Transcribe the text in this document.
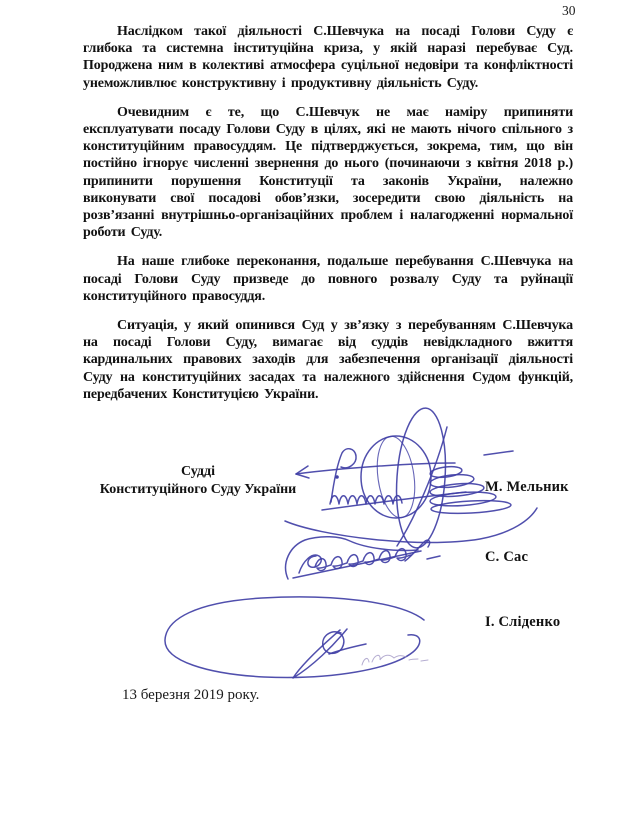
30

Наслідком такої діяльності С.Шевчука на посаді Голови Суду є глибока та системна інституційна криза, у якій наразі перебуває Суд. Породжена ним в колективі атмосфера суцільної недовіри та конфліктності унеможливлює конструктивну і продуктивну діяльність Суду.

Очевидним є те, що С.Шевчук не має наміру припиняти експлуатувати посаду Голови Суду в цілях, які не мають нічого спільного з конституційним правосуддям. Це підтверджується, зокрема, тим, що він постійно ігнорує численні звернення до нього (починаючи з квітня 2018 р.) припинити порушення Конституції та законів України, належно виконувати свої посадові обов’язки, зосередити свою діяльність на розв’язанні внутрішньо-організаційних проблем і налагодженні нормальної роботи Суду.

На наше глибоке переконання, подальше перебування С.Шевчука на посаді Голови Суду призведе до повного розвалу Суду та руйнації конституційного правосуддя.

Ситуація, у який опинився Суд у зв’язку з перебуванням С.Шевчука на посаді Голови Суду, вимагає від суддів невідкладного вжиття кардинальних правових заходів для забезпечення організації діяльності Суду на конституційних засадах та належного здійснення Судом функцій, передбачених Конституцією України.

Судді
Конституційного Суду України	М. Мельник
С. Сас
І. Сліденко
13 березня 2019 року.
